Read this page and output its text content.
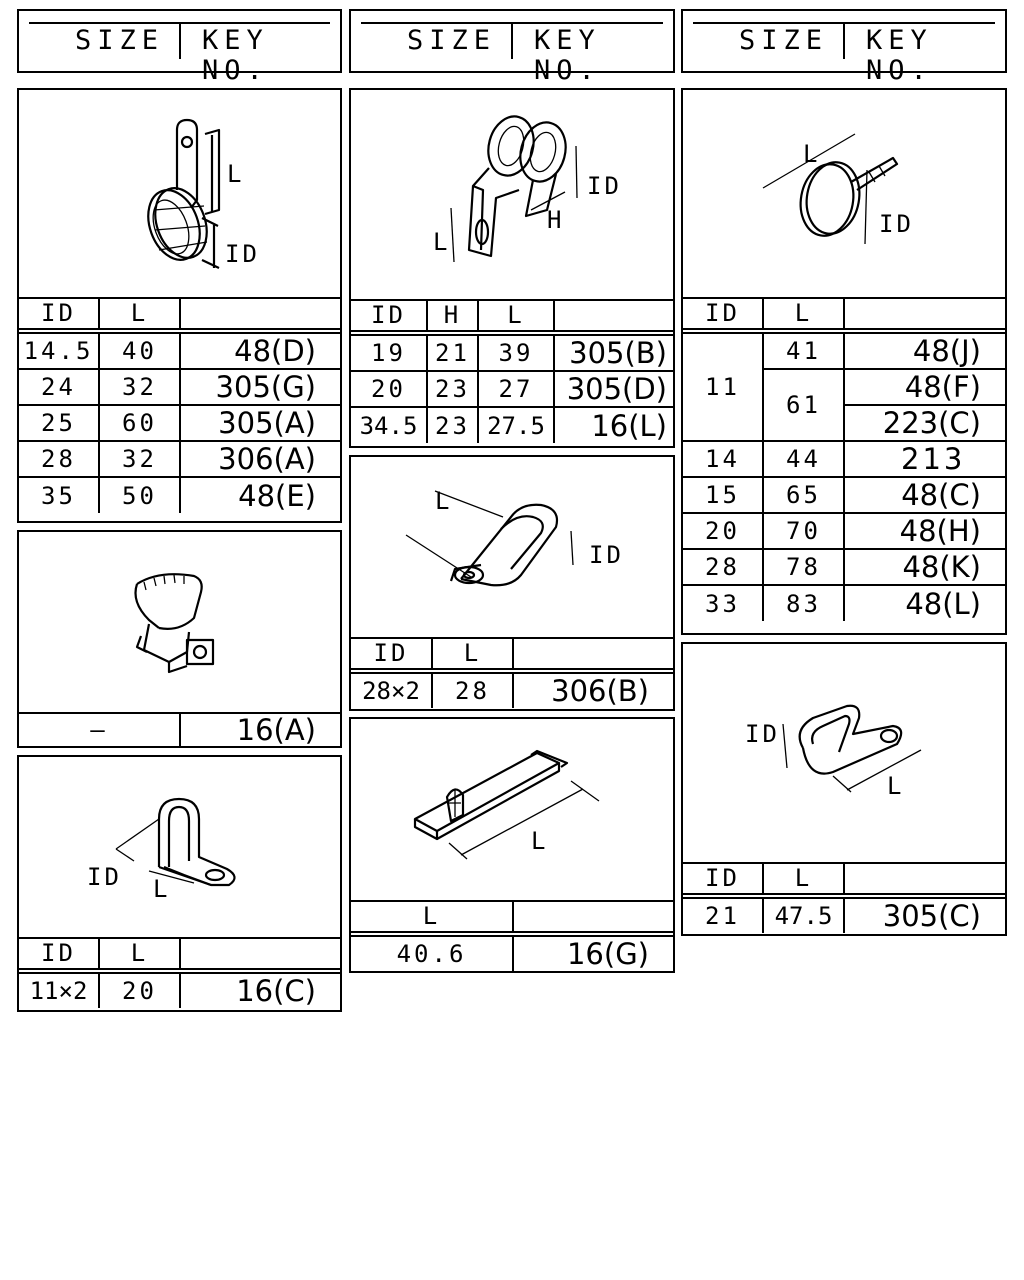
SIZE KEY NO.
SIZE KEY NO.
SIZE KEY NO.
L
ID
ID	L	
14.5	40	48(D)
24	32	305(G)
25	60	305(A)
28	32	306(A)
35	50	48(E)
—	16(A)
ID L
ID	L	
11×2	20	16(C)
ID
H
L
ID	H	L	
19	21	39	305(B)
20	23	27	305(D)
34.5	23	27.5	16(L)
L
ID
ID	L	
28×2	28	306(B)
L
L	
40.6	16(G)
L
ID
ID	L	
11	41	48(J)
	61	48(F)
		223(C)
14	44	213
15	65	48(C)
20	70	48(H)
28	78	48(K)
33	83	48(L)
ID
L
ID	L	
21	47.5	305(C)
